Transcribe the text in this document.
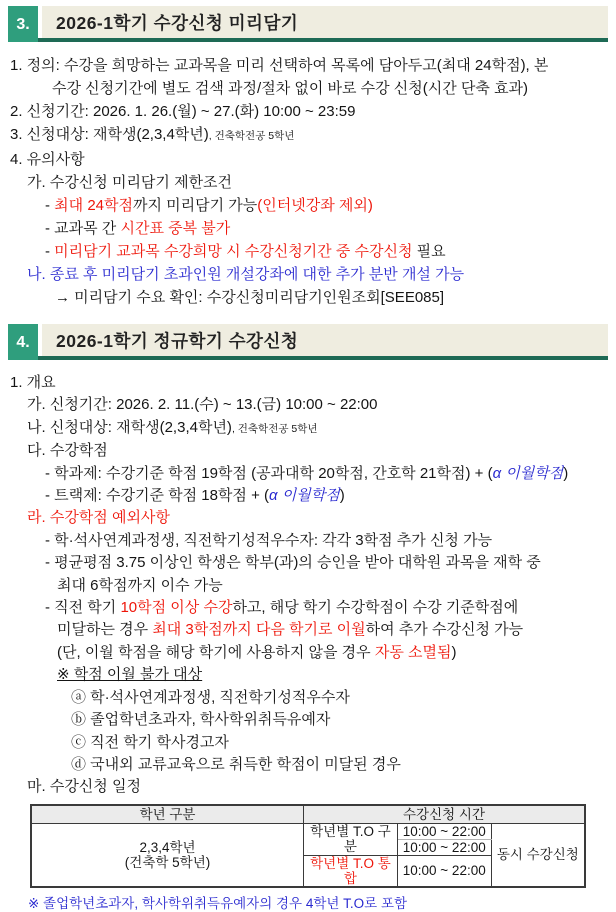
3.	2026-1학기 수강신청 미리담기
1. 정의: 수강을 희망하는 교과목을 미리 선택하여 목록에 담아두고(최대 24학점), 본
수강 신청기간에 별도 검색 과정/절차 없이 바로 수강 신청(시간 단축 효과)
2. 신청기간: 2026. 1. 26.(월) ~ 27.(화) 10:00 ~ 23:59
3. 신청대상: 재학생(2,3,4학년), 건축학전공 5학년
4. 유의사항
가. 수강신청 미리담기 제한조건
- 최대 24학점까지 미리담기 가능(인터넷강좌 제외)
- 교과목 간 시간표 중복 불가
- 미리담기 교과목 수강희망 시 수강신청기간 중 수강신청 필요
나. 종료 후 미리담기 초과인원 개설강좌에 대한 추가 분반 개설 가능
→ 미리담기 수요 확인: 수강신청미리담기인원조회[SEE085]
4.	2026-1학기 정규학기 수강신청
1. 개요
가. 신청기간: 2026. 2. 11.(수) ~ 13.(금) 10:00 ~ 22:00
나. 신청대상: 재학생(2,3,4학년), 건축학전공 5학년
다. 수강학점
- 학과제: 수강기준 학점 19학점 (공과대학 20학점, 간호학 21학점) + (α 이월학점)
- 트랙제: 수강기준 학점 18학점 + (α 이월학점)
라. 수강학점 예외사항
- 학·석사연계과정생, 직전학기성적우수자: 각각 3학점 추가 신청 가능
- 평균평점 3.75 이상인 학생은 학부(과)의 승인을 받아 대학원 과목을 재학 중
최대 6학점까지 이수 가능
- 직전 학기 10학점 이상 수강하고, 해당 학기 수강학점이 수강 기준학점에
미달하는 경우 최대 3학점까지 다음 학기로 이월하여 추가 수강신청 가능
(단, 이월 학점을 해당 학기에 사용하지 않을 경우 자동 소멸됨)
※ 학점 이월 불가 대상
ⓐ 학·석사연계과정생, 직전학기성적우수자
ⓑ 졸업학년초과자, 학사학위취득유예자
ⓒ 직전 학기 학사경고자
ⓓ 국내외 교류교육으로 취득한 학점이 미달된 경우
마. 수강신청 일정
학년 구분	수강신청 시간		

2,3,4학년
(건축학 5학년)	학년별 T.O 구분	10:00 ~ 22:00	동시 수강신청
		10:00 ~ 22:00	
	학년별 T.O 통합	10:00 ~ 22:00	
※ 졸업학년초과자, 학사학위취득유예자의 경우 4학년 T.O로 포함
